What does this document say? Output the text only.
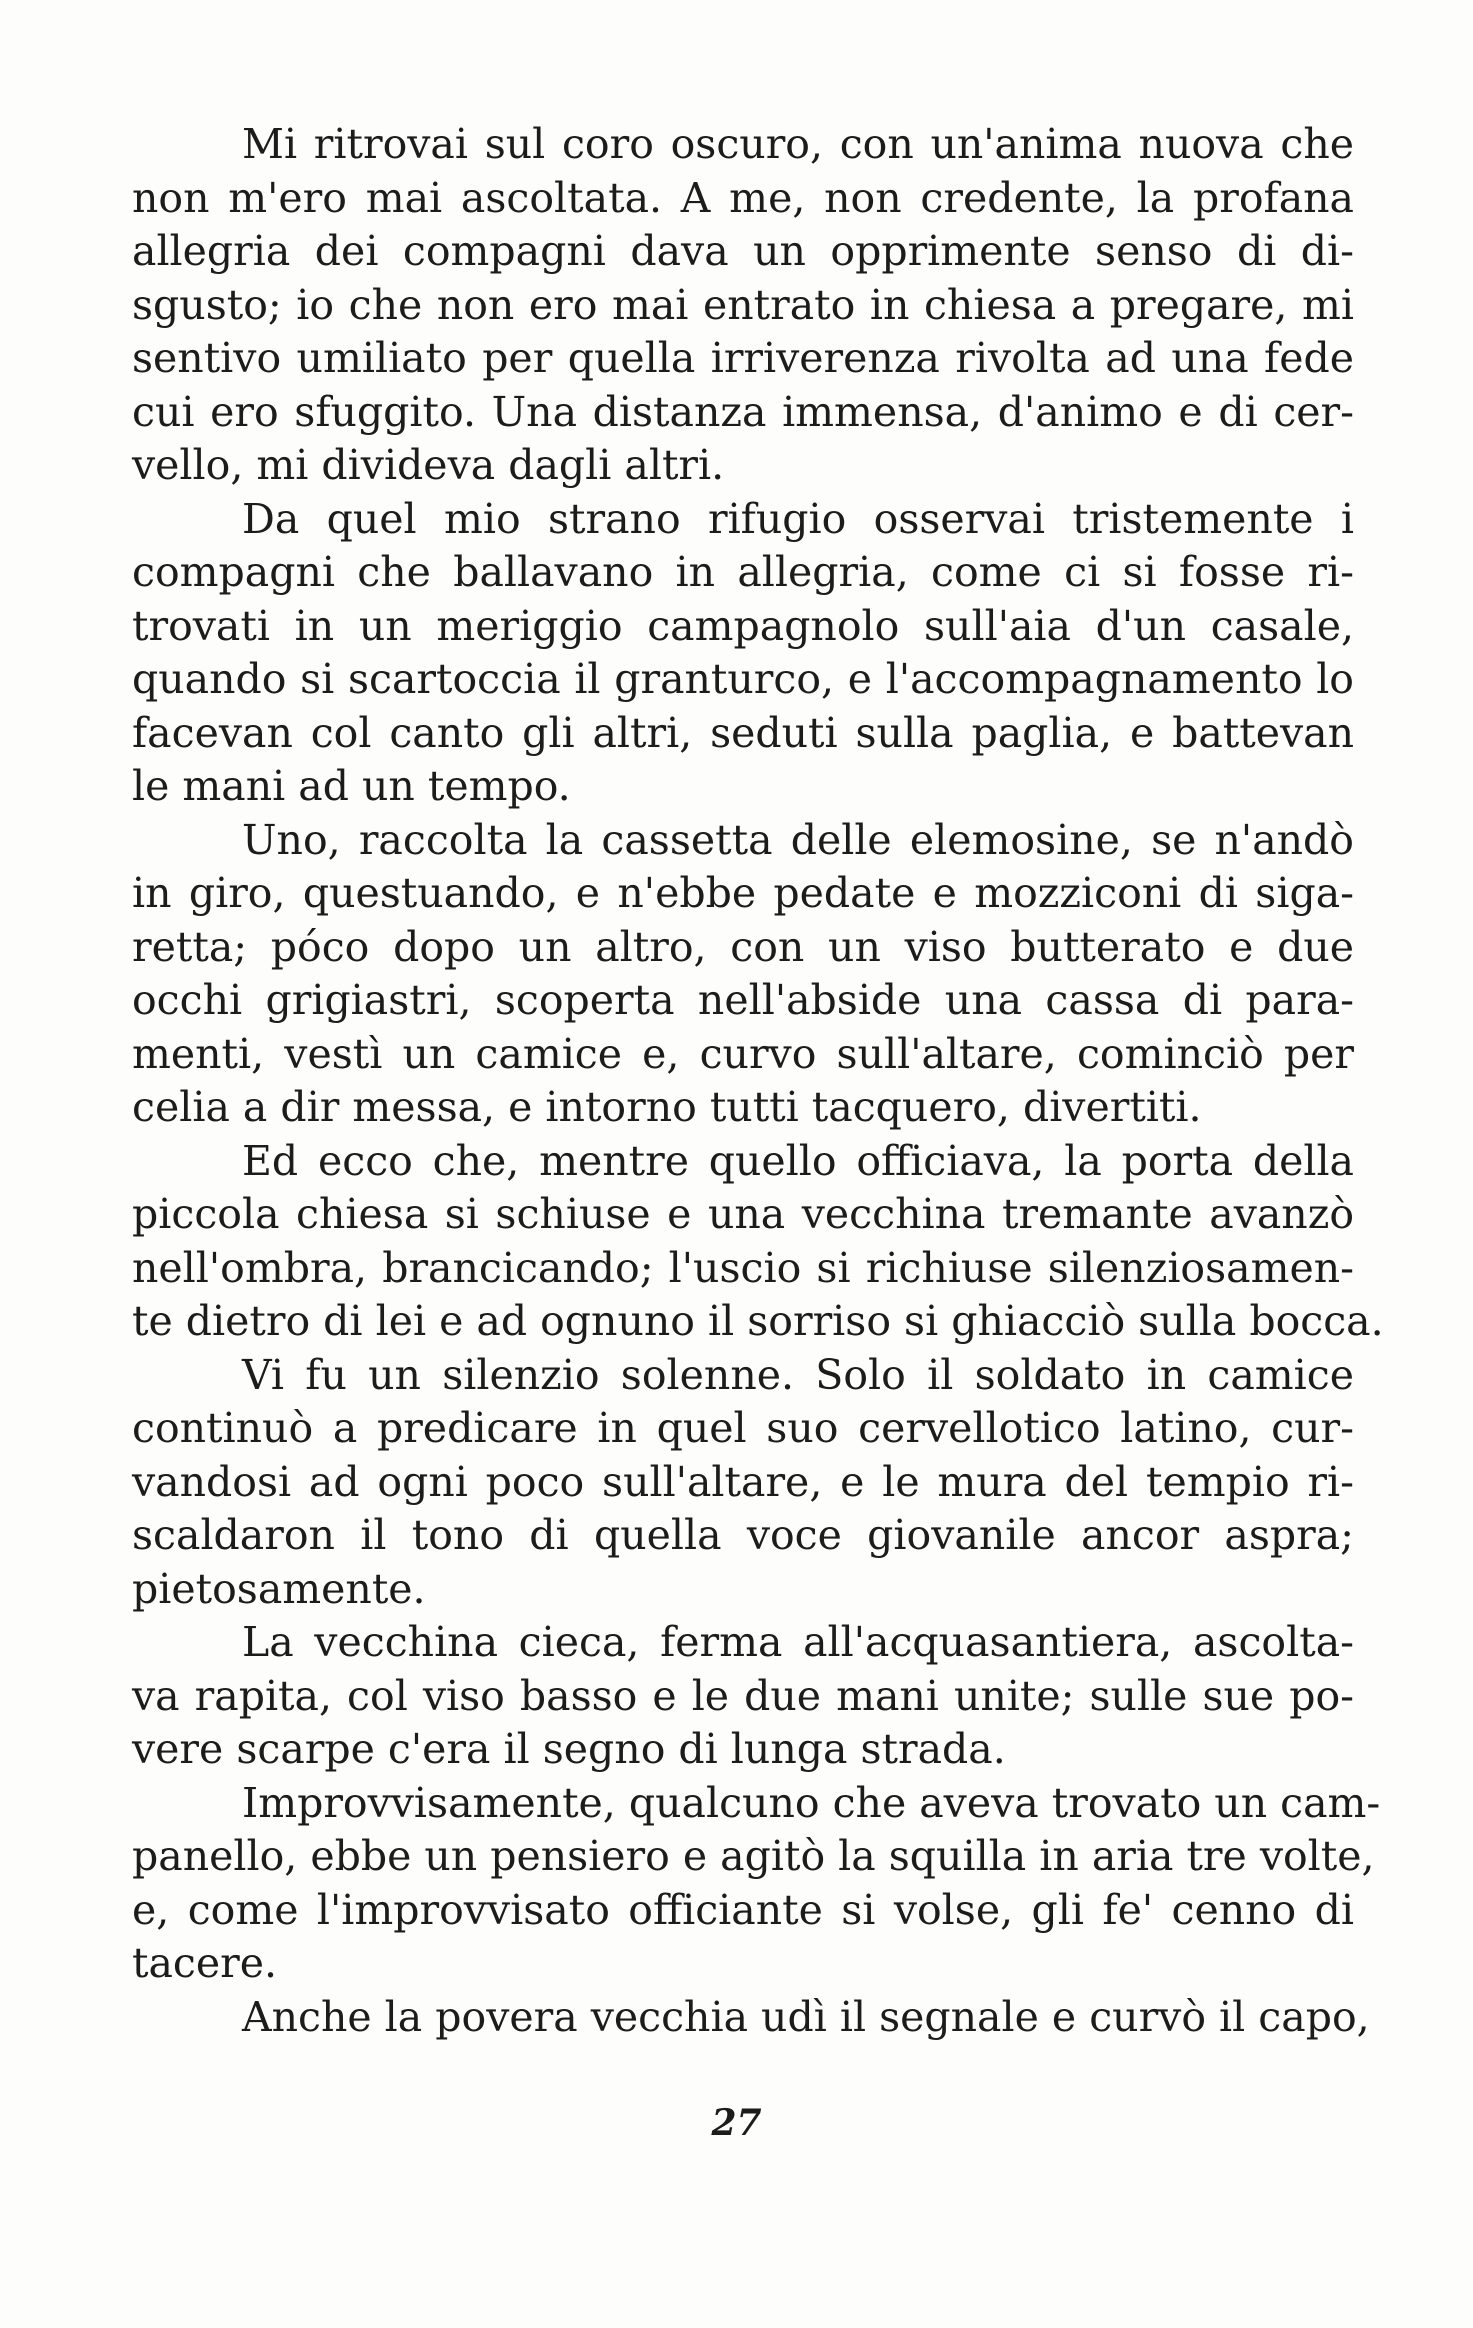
Mi ritrovai sul coro oscuro, con un'anima nuova che
non m'ero mai ascoltata. A me, non credente, la profana
allegria dei compagni dava un opprimente senso di di-
sgusto; io che non ero mai entrato in chiesa a pregare, mi
sentivo umiliato per quella irriverenza rivolta ad una fede
cui ero sfuggito. Una distanza immensa, d'animo e di cer-
vello, mi divideva dagli altri.
Da quel mio strano rifugio osservai tristemente i
compagni che ballavano in allegria, come ci si fosse ri-
trovati in un meriggio campagnolo sull'aia d'un casale,
quando si scartoccia il granturco, e l'accompagnamento lo
facevan col canto gli altri, seduti sulla paglia, e battevan
le mani ad un tempo.
Uno, raccolta la cassetta delle elemosine, se n'andò
in giro, questuando, e n'ebbe pedate e mozziconi di siga-
retta; póco dopo un altro, con un viso butterato e due
occhi grigiastri, scoperta nell'abside una cassa di para-
menti, vestì un camice e, curvo sull'altare, cominciò per
celia a dir messa, e intorno tutti tacquero, divertiti.
Ed ecco che, mentre quello officiava, la porta della
piccola chiesa si schiuse e una vecchina tremante avanzò
nell'ombra, brancicando; l'uscio si richiuse silenziosamen-
te dietro di lei e ad ognuno il sorriso si ghiacciò sulla bocca.
Vi fu un silenzio solenne. Solo il soldato in camice
continuò a predicare in quel suo cervellotico latino, cur-
vandosi ad ogni poco sull'altare, e le mura del tempio ri-
scaldaron il tono di quella voce giovanile ancor aspra;
pietosamente.
La vecchina cieca, ferma all'acquasantiera, ascolta-
va rapita, col viso basso e le due mani unite; sulle sue po-
vere scarpe c'era il segno di lunga strada.
Improvvisamente, qualcuno che aveva trovato un cam-
panello, ebbe un pensiero e agitò la squilla in aria tre volte,
e, come l'improvvisato officiante si volse, gli fe' cenno di
tacere.
Anche la povera vecchia udì il segnale e curvò il capo,
27
